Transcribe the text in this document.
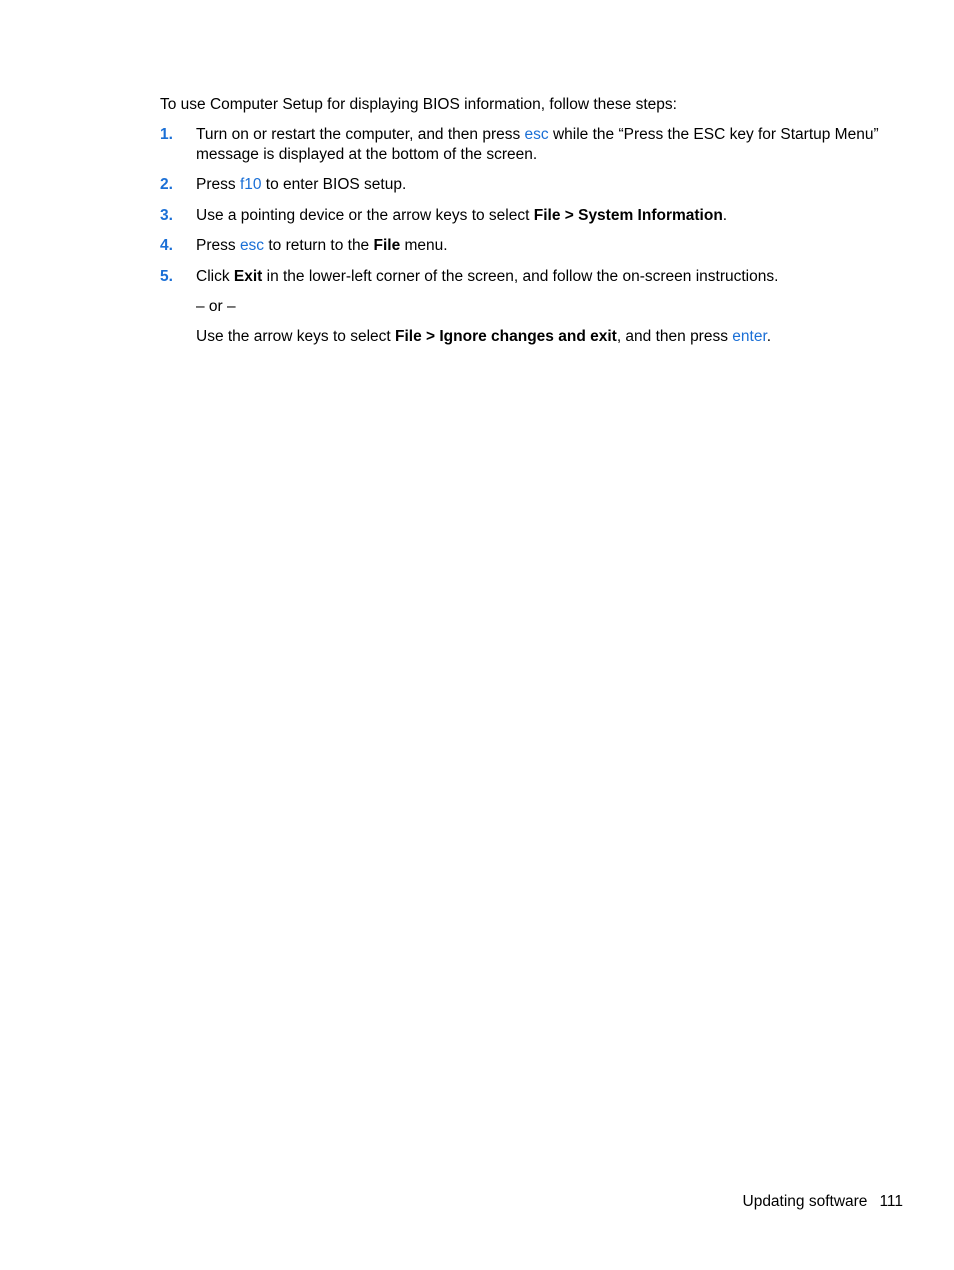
To use Computer Setup for displaying BIOS information, follow these steps:
1. Turn on or restart the computer, and then press esc while the “Press the ESC key for Startup Menu” message is displayed at the bottom of the screen.
2. Press f10 to enter BIOS setup.
3. Use a pointing device or the arrow keys to select File > System Information.
4. Press esc to return to the File menu.
5. Click Exit in the lower-left corner of the screen, and follow the on-screen instructions.
– or –
Use the arrow keys to select File > Ignore changes and exit, and then press enter.
Updating software 111
